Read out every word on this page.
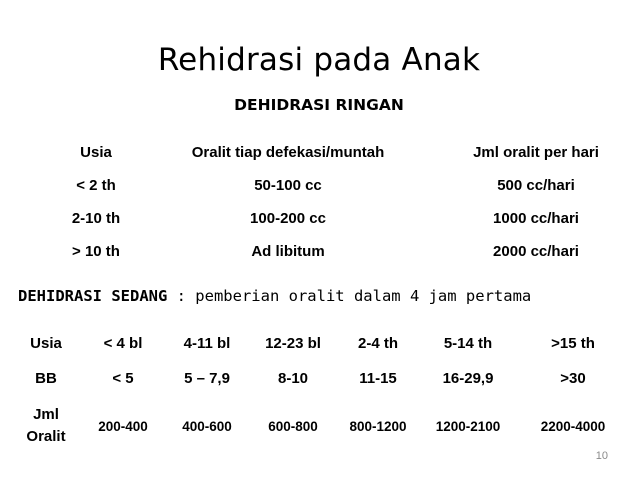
Rehidrasi pada Anak
DEHIDRASI RINGAN
Usia	Oralit tiap defekasi/muntah	Jml oralit per hari
< 2 th	50-100 cc	500 cc/hari
2-10 th	100-200 cc	1000 cc/hari
> 10 th	Ad libitum	2000 cc/hari
DEHIDRASI SEDANG : pemberian oralit dalam 4 jam pertama
Usia	< 4 bl	4-11 bl	12-23 bl	2-4 th	5-14 th	>15 th
BB	< 5	5 – 7,9	8-10	11-15	16-29,9	>30
Jml
Oralit	200-400	400-600	600-800	800-1200	1200-2100	2200-4000
10
